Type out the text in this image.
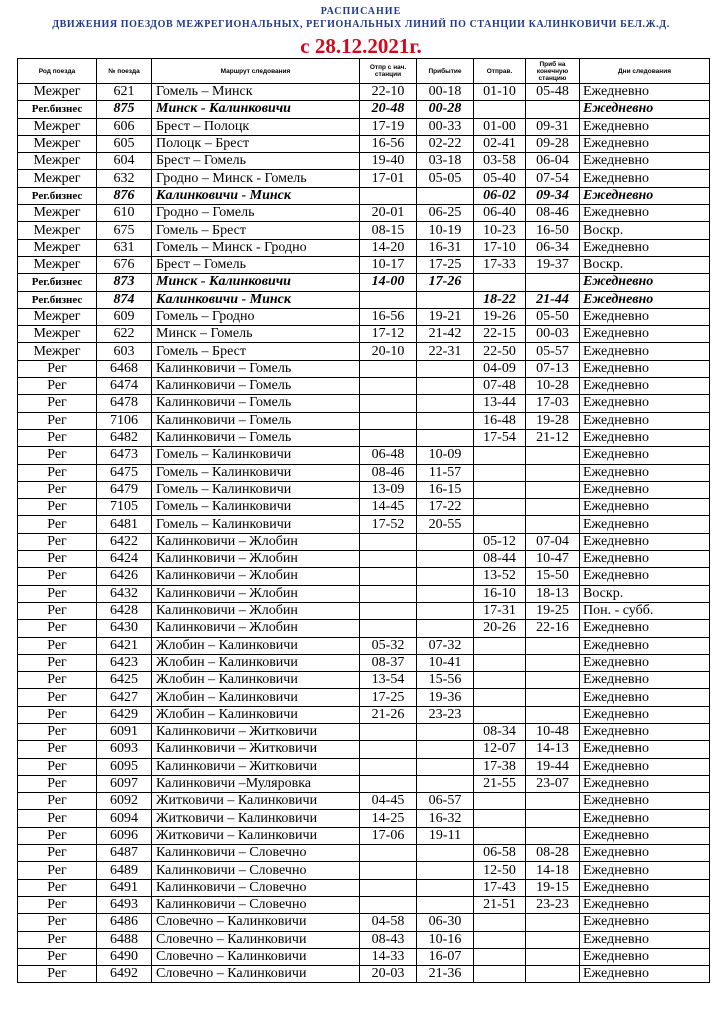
РАСПИСАНИЕ
ДВИЖЕНИЯ ПОЕЗДОВ МЕЖРЕГИОНАЛЬНЫХ, РЕГИОНАЛЬНЫХ ЛИНИЙ ПО СТАНЦИИ КАЛИНКОВИЧИ БЕЛ.Ж.Д.
с 28.12.2021г.
Род поезда	№ поезда	Маршрут следования	Отпр с нач. станции	Прибытие	Отправ.	Приб на конечную станцию	Дни следования
Межрег	621	Гомель – Минск	22-10	00-18	01-10	05-48	Ежедневно
Рег.бизнес	875	Минск - Калинковичи	20-48	00-28			Ежедневно
Межрег	606	Брест – Полоцк	17-19	00-33	01-00	09-31	Ежедневно
Межрег	605	Полоцк – Брест	16-56	02-22	02-41	09-28	Ежедневно
Межрег	604	Брест – Гомель	19-40	03-18	03-58	06-04	Ежедневно
Межрег	632	Гродно – Минск - Гомель	17-01	05-05	05-40	07-54	Ежедневно
Рег.бизнес	876	Калинковичи - Минск			06-02	09-34	Ежедневно
Межрег	610	Гродно – Гомель	20-01	06-25	06-40	08-46	Ежедневно
Межрег	675	Гомель – Брест	08-15	10-19	10-23	16-50	Воскр.
Межрег	631	Гомель – Минск - Гродно	14-20	16-31	17-10	06-34	Ежедневно
Межрег	676	Брест – Гомель	10-17	17-25	17-33	19-37	Воскр.
Рег.бизнес	873	Минск - Калинковичи	14-00	17-26			Ежедневно
Рег.бизнес	874	Калинковичи - Минск			18-22	21-44	Ежедневно
Межрег	609	Гомель – Гродно	16-56	19-21	19-26	05-50	Ежедневно
Межрег	622	Минск – Гомель	17-12	21-42	22-15	00-03	Ежедневно
Межрег	603	Гомель – Брест	20-10	22-31	22-50	05-57	Ежедневно
Рег	6468	Калинковичи – Гомель			04-09	07-13	Ежедневно
Рег	6474	Калинковичи – Гомель			07-48	10-28	Ежедневно
Рег	6478	Калинковичи – Гомель			13-44	17-03	Ежедневно
Рег	7106	Калинковичи – Гомель			16-48	19-28	Ежедневно
Рег	6482	Калинковичи – Гомель			17-54	21-12	Ежедневно
Рег	6473	Гомель – Калинковичи	06-48	10-09			Ежедневно
Рег	6475	Гомель – Калинковичи	08-46	11-57			Ежедневно
Рег	6479	Гомель – Калинковичи	13-09	16-15			Ежедневно
Рег	7105	Гомель – Калинковичи	14-45	17-22			Ежедневно
Рег	6481	Гомель – Калинковичи	17-52	20-55			Ежедневно
Рег	6422	Калинковичи – Жлобин			05-12	07-04	Ежедневно
Рег	6424	Калинковичи – Жлобин			08-44	10-47	Ежедневно
Рег	6426	Калинковичи – Жлобин			13-52	15-50	Ежедневно
Рег	6432	Калинковичи – Жлобин			16-10	18-13	Воскр.
Рег	6428	Калинковичи – Жлобин			17-31	19-25	Пон. - субб.
Рег	6430	Калинковичи – Жлобин			20-26	22-16	Ежедневно
Рег	6421	Жлобин – Калинковичи	05-32	07-32			Ежедневно
Рег	6423	Жлобин – Калинковичи	08-37	10-41			Ежедневно
Рег	6425	Жлобин – Калинковичи	13-54	15-56			Ежедневно
Рег	6427	Жлобин – Калинковичи	17-25	19-36			Ежедневно
Рег	6429	Жлобин – Калинковичи	21-26	23-23			Ежедневно
Рег	6091	Калинковичи – Житковичи			08-34	10-48	Ежедневно
Рег	6093	Калинковичи – Житковичи			12-07	14-13	Ежедневно
Рег	6095	Калинковичи – Житковичи			17-38	19-44	Ежедневно
Рег	6097	Калинковичи –Муляровка			21-55	23-07	Ежедневно
Рег	6092	Житковичи – Калинковичи	04-45	06-57			Ежедневно
Рег	6094	Житковичи – Калинковичи	14-25	16-32			Ежедневно
Рег	6096	Житковичи – Калинковичи	17-06	19-11			Ежедневно
Рег	6487	Калинковичи – Словечно			06-58	08-28	Ежедневно
Рег	6489	Калинковичи – Словечно			12-50	14-18	Ежедневно
Рег	6491	Калинковичи – Словечно			17-43	19-15	Ежедневно
Рег	6493	Калинковичи – Словечно			21-51	23-23	Ежедневно
Рег	6486	Словечно – Калинковичи	04-58	06-30			Ежедневно
Рег	6488	Словечно – Калинковичи	08-43	10-16			Ежедневно
Рег	6490	Словечно – Калинковичи	14-33	16-07			Ежедневно
Рег	6492	Словечно – Калинковичи	20-03	21-36			Ежедневно
